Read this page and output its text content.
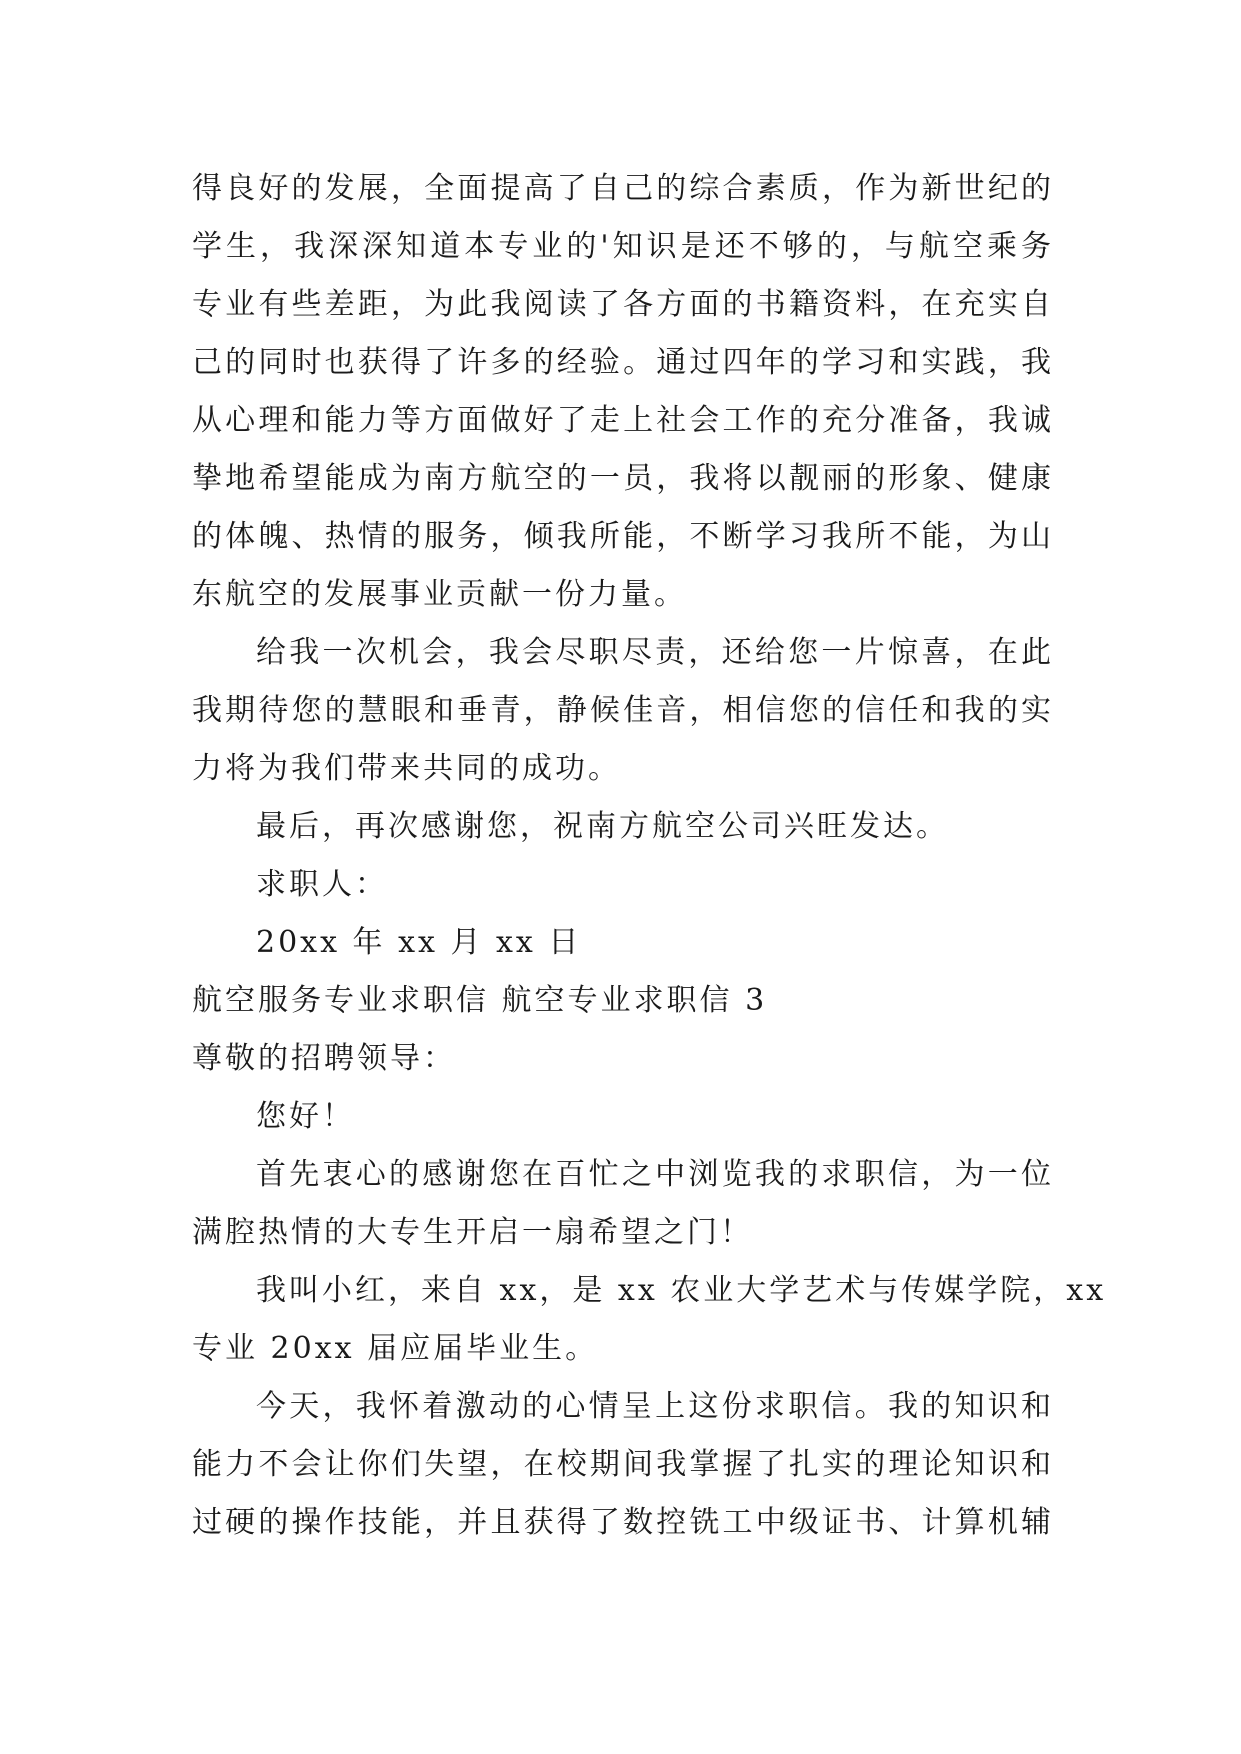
得良好的发展，全面提高了自己的综合素质，作为新世纪的
学生，我深深知道本专业的'知识是还不够的，与航空乘务
专业有些差距，为此我阅读了各方面的书籍资料，在充实自
己的同时也获得了许多的经验。通过四年的学习和实践，我
从心理和能力等方面做好了走上社会工作的充分准备，我诚
挚地希望能成为南方航空的一员，我将以靓丽的形象、健康
的体魄、热情的服务，倾我所能，不断学习我所不能，为山
东航空的发展事业贡献一份力量。
给我一次机会，我会尽职尽责，还给您一片惊喜，在此
我期待您的慧眼和垂青，静候佳音，相信您的信任和我的实
力将为我们带来共同的成功。
最后，再次感谢您，祝南方航空公司兴旺发达。
求职人：
20xx 年 xx 月 xx 日
航空服务专业求职信 航空专业求职信 3
尊敬的招聘领导：
您好！
首先衷心的感谢您在百忙之中浏览我的求职信，为一位
满腔热情的大专生开启一扇希望之门！
我叫小红，来自 xx，是 xx 农业大学艺术与传媒学院，xx
专业 20xx 届应届毕业生。
今天，我怀着激动的心情呈上这份求职信。我的知识和
能力不会让你们失望，在校期间我掌握了扎实的理论知识和
过硬的操作技能，并且获得了数控铣工中级证书、计算机辅
